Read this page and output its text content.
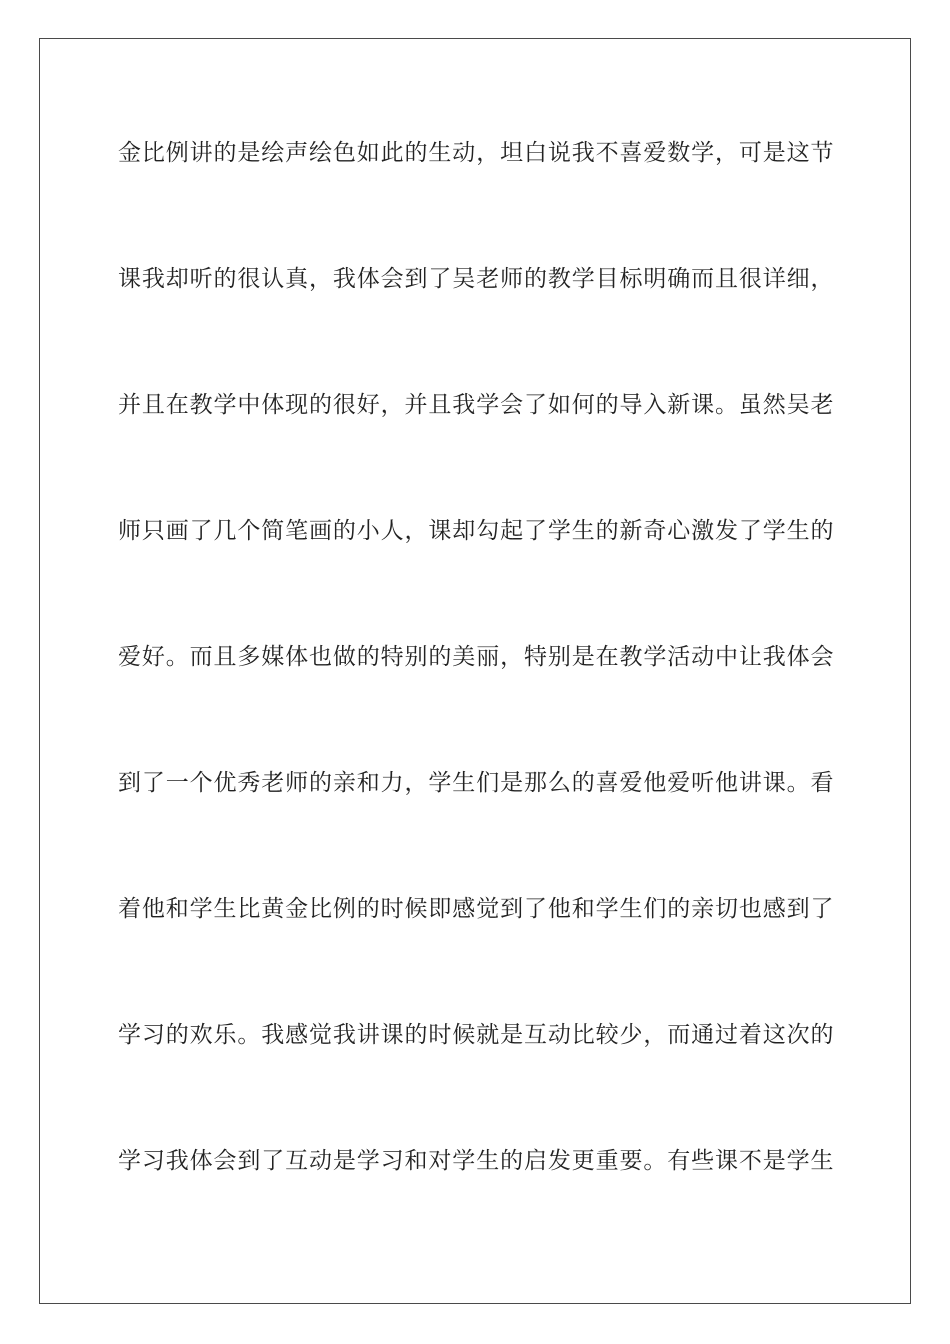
金比例讲的是绘声绘色如此的生动，坦白说我不喜爱数学，可是这节
课我却听的很认真，我体会到了吴老师的教学目标明确而且很详细，
并且在教学中体现的很好，并且我学会了如何的导入新课。虽然吴老
师只画了几个简笔画的小人，课却勾起了学生的新奇心激发了学生的
爱好。而且多媒体也做的特别的美丽，特别是在教学活动中让我体会
到了一个优秀老师的亲和力，学生们是那么的喜爱他爱听他讲课。看
着他和学生比黄金比例的时候即感觉到了他和学生们的亲切也感到了
学习的欢乐。我感觉我讲课的时候就是互动比较少，而通过着这次的
学习我体会到了互动是学习和对学生的启发更重要。有些课不是学生
